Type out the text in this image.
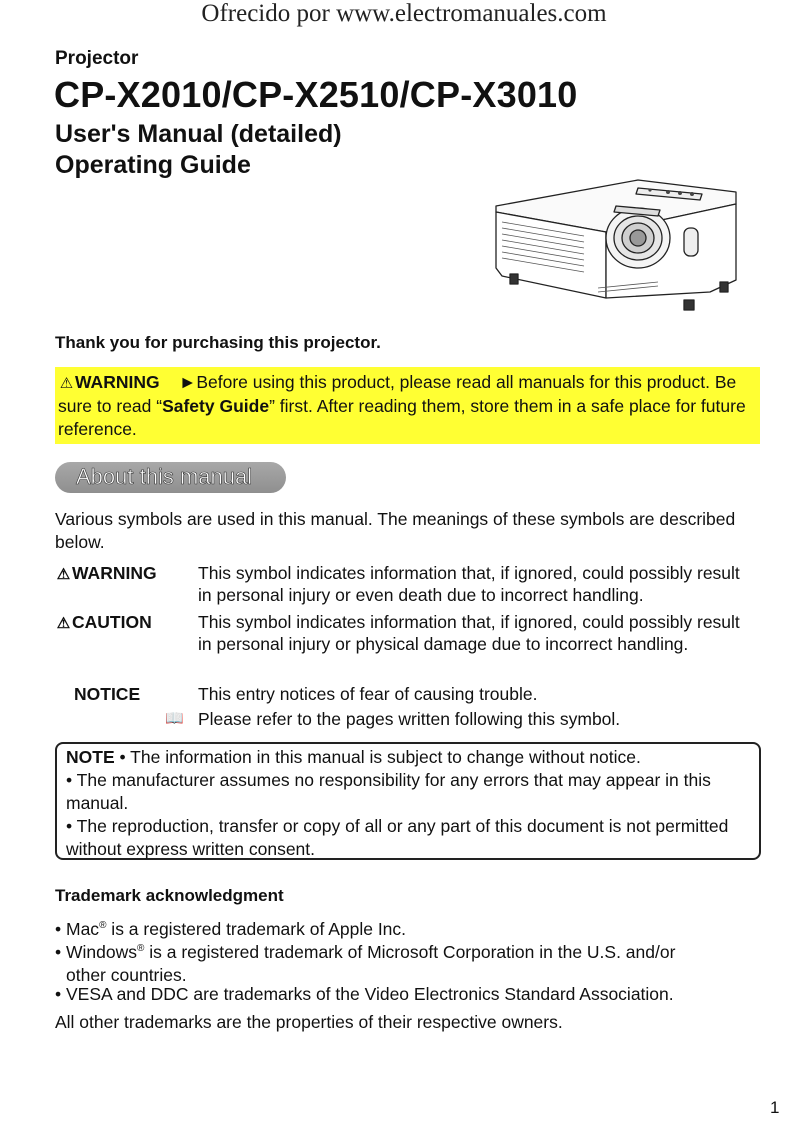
Ofrecido por www.electromanuales.com
Projector
CP-X2010/CP-X2510/CP-X3010
User's Manual (detailed)
Operating Guide
Thank you for purchasing this projector.
⚠ WARNING ►Before using this product, please read all manuals for this product. Be sure to read “Safety Guide” first. After reading them, store them in a safe place for future reference.
About this manual
Various symbols are used in this manual. The meanings of these symbols are described below.
⚠ WARNING This symbol indicates information that, if ignored, could possibly result in personal injury or even death due to incorrect handling.
⚠ CAUTION	This symbol indicates information that, if ignored, could possibly result in personal injury or physical damage due to incorrect handling.
NOTICE	This entry notices of fear of causing trouble.
📖 Please refer to the pages written following this symbol.
NOTE • The information in this manual is subject to change without notice.
• The manufacturer assumes no responsibility for any errors that may appear in this manual.
• The reproduction, transfer or copy of all or any part of this document is not permitted without express written consent.
Trademark acknowledgment
• Mac® is a registered trademark of Apple Inc.
• Windows® is a registered trademark of Microsoft Corporation in the U.S. and/or
other countries.
• VESA and DDC are trademarks of the Video Electronics Standard Association.
All other trademarks are the properties of their respective owners.
1
